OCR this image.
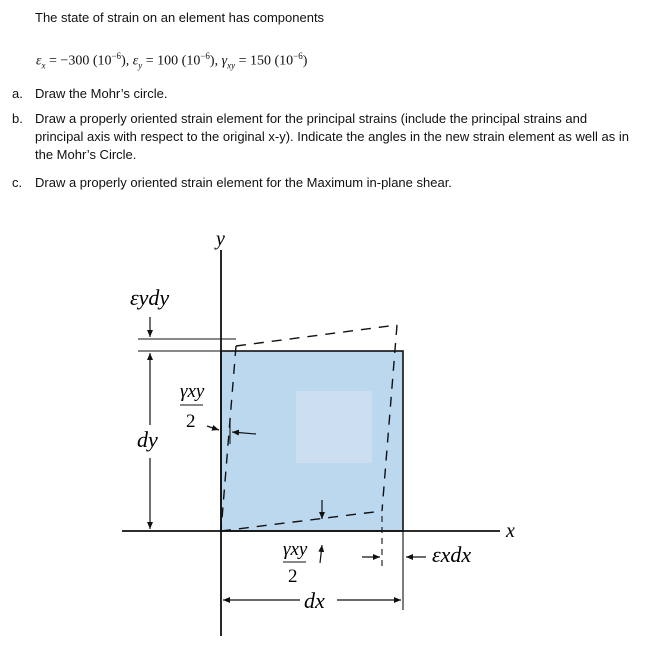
The state of strain on an element has components
$\varepsilon_x = -300$ $(10^{-6})$, $\varepsilon_y = 100$ $(10^{-6})$, $\gamma_{xy} = 150$ $(10^{-6})$
a. Draw the Mohr’s circle.
b. Draw a properly oriented strain element for the principal strains (include the principal strains and principal axis with respect to the original x-y). Indicate the angles in the new strain element as well as in the Mohr’s Circle.
c. Draw a properly oriented strain element for the Maximum in-plane shear.
y
x
εydy
dy
γxy
2
γxy
2
εxdx
dx
